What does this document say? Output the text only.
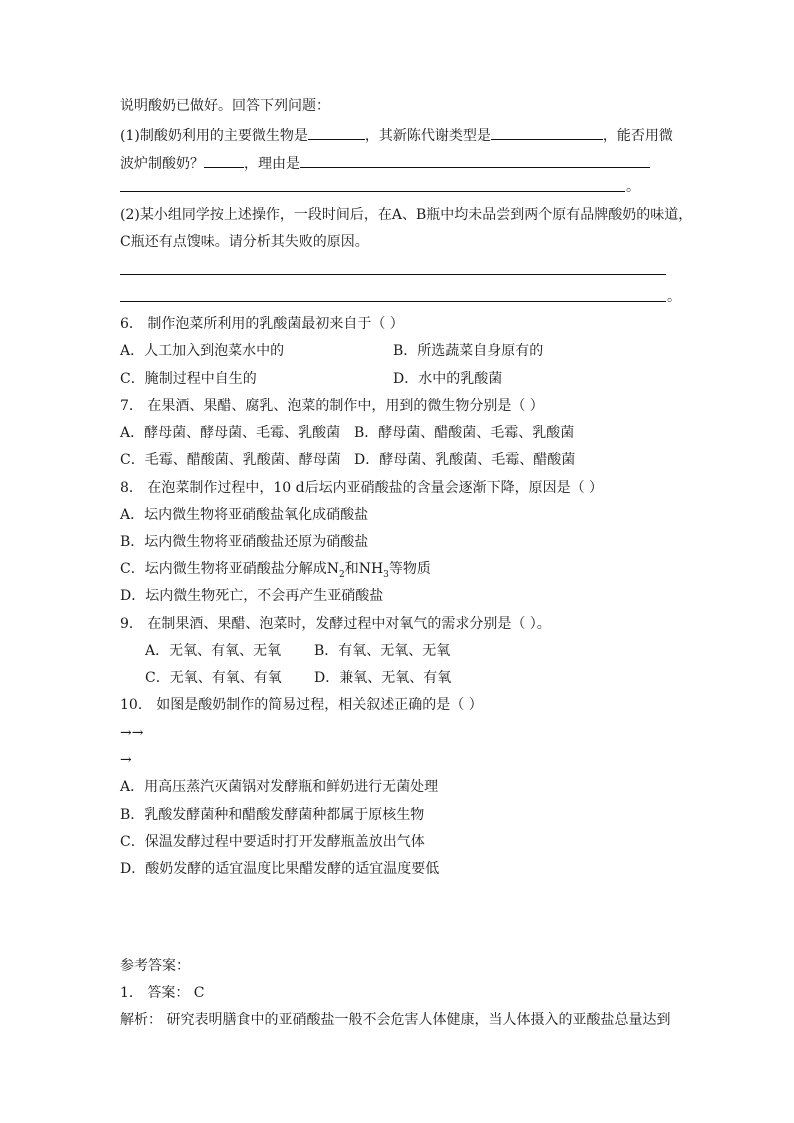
说明酸奶已做好。回答下列问题：
(1)制酸奶利用的主要微生物是	，其新陈代谢类型是	，能否用微
波炉制酸奶？	，理由是
。
(2)某小组同学按上述操作，一段时间后，在A、B瓶中均未品尝到两个原有品牌酸奶的味道，
C瓶还有点馊味。请分析其失败的原因。
。
6． 制作泡菜所利用的乳酸菌最初来自于（ ）
A．人工加入到泡菜水中的	B．所选蔬菜自身原有的
C．腌制过程中自生的	D．水中的乳酸菌
7． 在果酒、果醋、腐乳、泡菜的制作中，用到的微生物分别是（ ）
A．酵母菌、酵母菌、毛霉、乳酸菌 B．酵母菌、醋酸菌、毛霉、乳酸菌
C．毛霉、醋酸菌、乳酸菌、酵母菌 D．酵母菌、乳酸菌、毛霉、醋酸菌
8． 在泡菜制作过程中，10 d后坛内亚硝酸盐的含量会逐渐下降，原因是（ ）
A．坛内微生物将亚硝酸盐氧化成硝酸盐
B．坛内微生物将亚硝酸盐还原为硝酸盐
C．坛内微生物将亚硝酸盐分解成$N_2$和$NH_3$等物质
D．坛内微生物死亡，不会再产生亚硝酸盐
9． 在制果酒、果醋、泡菜时，发酵过程中对氧气的需求分别是（ ）。
A．无氧、有氧、无氧 B．有氧、无氧、无氧
C．无氧、有氧、有氧 D．兼氧、无氧、有氧
10． 如图是酸奶制作的简易过程，相关叙述正确的是（ ）
→→
→
A．用高压蒸汽灭菌锅对发酵瓶和鲜奶进行无菌处理
B．乳酸发酵菌种和醋酸发酵菌种都属于原核生物
C．保温发酵过程中要适时打开发酵瓶盖放出气体
D．酸奶发酵的适宜温度比果醋发酵的适宜温度要低
参考答案：
1． 答案： C
解析： 研究表明膳食中的亚硝酸盐一般不会危害人体健康，当人体摄入的亚酸盐总量达到
